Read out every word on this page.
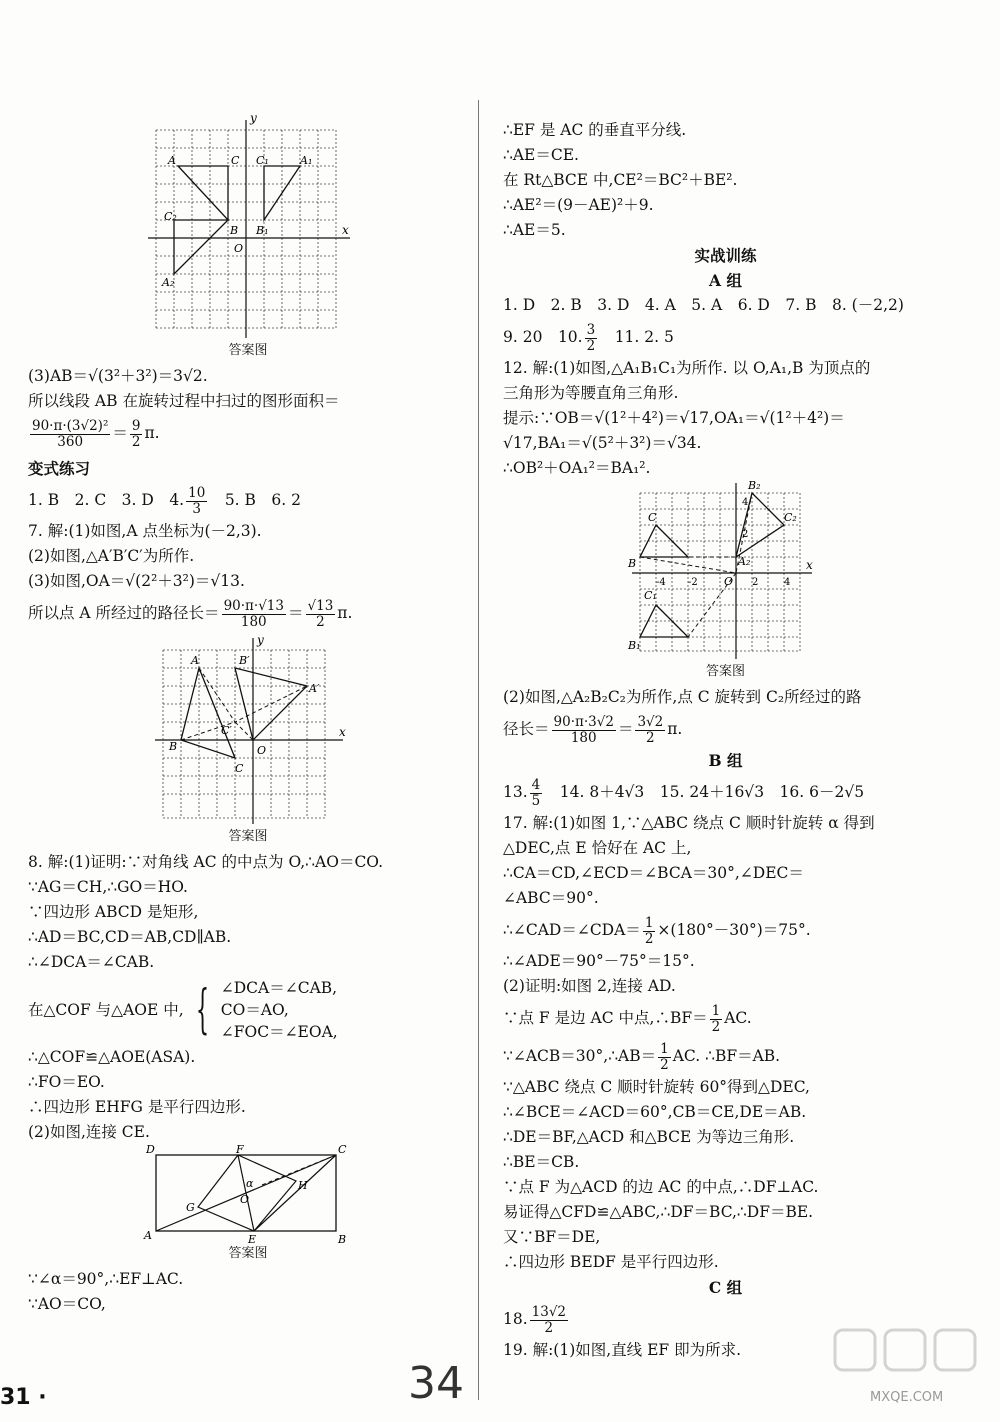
y
x
A	C C₁	A₁
C₂
B B₁
O
A₂
答案图
(3)AB＝√(3²＋3²)＝3√2.
所以线段 AB 在旋转过程中扫过的图形面积＝
$\frac{\text{90·π·(3√2)²}}{360} = \frac{9}{2} \pi$.
变式练习
1. B　2. C　3. D　4. $\frac{10}{3}$ 　5. B　6. 2
7. 解:(1)如图,A 点坐标为(－2,3).
(2)如图,△A′B′C′为所作.
(3)如图,OA＝√(2²＋3²)＝√13.
所以点 A 所经过的路径长＝ $\frac{90\cdot\pi\cdot√13}{180} = \frac{√13}{2} \pi$.
y
x
A	B′
A′
B
C′
O
C
答案图
8. 解:(1)证明:∵对角线 AC 的中点为 O,∴AO＝CO.
∵AG＝CH,∴GO＝HO.
∵四边形 ABCD 是矩形,
∴AD＝BC,CD＝AB,CD∥AB.
∴∠DCA＝∠CAB.
在△COF 与△AOE 中, { ∠DCA＝∠CAB,
CO＝AO,
∠FOC＝∠EOA,
∴△COF≌△AOE(ASA).
∴FO＝EO.
∴四边形 EHFG 是平行四边形.
(2)如图,连接 CE.
D	F	C
A	E	B
G
H
O
α
答案图
∵∠α＝90°,∴EF⊥AC.
∵AO＝CO,
∴EF 是 AC 的垂直平分线.
∴AE＝CE.
在 Rt△BCE 中,CE²＝BC²＋BE².
∴AE²＝(9－AE)²＋9.
∴AE＝5.
实战训练
A 组
1. D　2. B　3. D　4. A　5. A　6. D　7. B　8. (－2,2)
9. 20　10. $\frac{3}{2}$ 　11. 2. 5
12. 解:(1)如图,△A₁B₁C₁为所作. 以 O,A₁,B 为顶点的
三角形为等腰直角三角形.
提示:∵OB＝√(1²＋4²)＝√17,OA₁＝√(1²＋4²)＝
√17,BA₁＝√(5²＋3²)＝√34.
∴OB²＋OA₁²＝BA₁².
C
B
B₂
C₂
A₂
O
x
C₁
B₁
4
2
2	4
-2
-4
答案图
(2)如图,△A₂B₂C₂为所作,点 C 旋转到 C₂所经过的路
径长＝ $\frac{90\cdot\pi\cdot 3√2}{180} = \frac{3√2}{2} \pi$.
B 组
13. $\frac{4}{5}$ 　14. 8＋4√3　15. 24＋16√3　16. 6－2√5
17. 解:(1)如图 1,∵△ABC 绕点 C 顺时针旋转 α 得到
△DEC,点 E 恰好在 AC 上,
∴CA＝CD,∠ECD＝∠BCA＝30°,∠DEC＝
∠ABC＝90°.
∴∠CAD＝∠CDA＝ $\frac{1}{2} \times(180^\circ-30^\circ)=75^\circ$.
∴∠ADE＝90°－75°＝15°.
(2)证明:如图 2,连接 AD.
∵点 F 是边 AC 中点,∴BF＝ $\frac{1}{2}$ AC.
∵∠ACB＝30°,∴AB＝ $\frac{1}{2}$ AC. ∴BF＝AB.
∵△ABC 绕点 C 顺时针旋转 60°得到△DEC,
∴∠BCE＝∠ACD＝60°,CB＝CE,DE＝AB.
∴DE＝BF,△ACD 和△BCE 为等边三角形.
∴BE＝CB.
∵点 F 为△ACD 的边 AC 的中点,∴DF⊥AC.
易证得△CFD≌△ABC,∴DF＝BC,∴DF＝BE.
又∵BF＝DE,
∴四边形 BEDF 是平行四边形.
C 组
18. $\frac{13√2}{2}$
19. 解:(1)如图,直线 EF 即为所求.
31 ·	34	MXQE.COM
